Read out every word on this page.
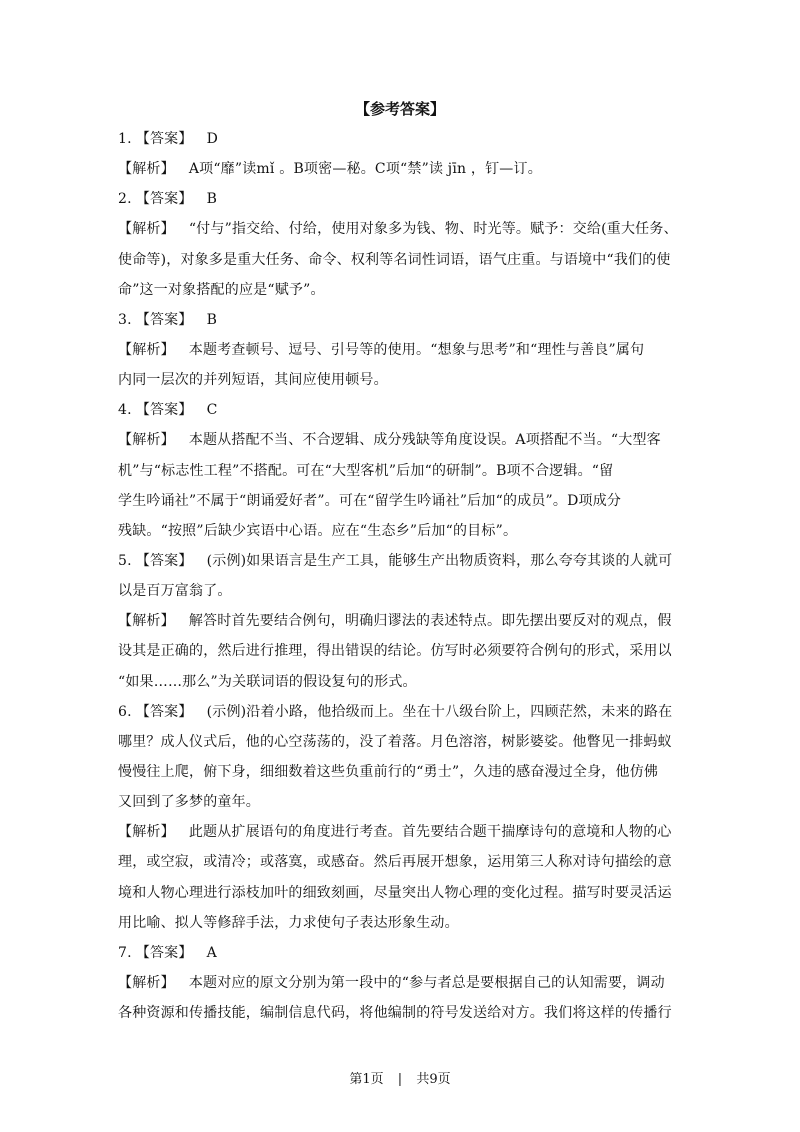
【参考答案】
1. 【答案】 D
【解析】 A项“靡”读mǐ 。B项密—秘。C项“禁”读 jīn ，钉—订。
2. 【答案】 B
【解析】 “付与”指交给、付给，使用对象多为钱、物、时光等。赋予：交给(重大任务、
使命等)，对象多是重大任务、命令、权利等名词性词语，语气庄重。与语境中“我们的使
命”这一对象搭配的应是“赋予”。
3. 【答案】 B
【解析】 本题考查顿号、逗号、引号等的使用。“想象与思考”和“理性与善良”属句
内同一层次的并列短语，其间应使用顿号。
4. 【答案】 C
【解析】 本题从搭配不当、不合逻辑、成分残缺等角度设误。A项搭配不当。“大型客
机”与“标志性工程”不搭配。可在“大型客机”后加“的研制”。B项不合逻辑。“留
学生吟诵社”不属于“朗诵爱好者”。可在“留学生吟诵社”后加“的成员”。D项成分
残缺。“按照”后缺少宾语中心语。应在“生态乡”后加“的目标”。
5. 【答案】 (示例)如果语言是生产工具，能够生产出物质资料，那么夸夸其谈的人就可
以是百万富翁了。
【解析】 解答时首先要结合例句，明确归谬法的表述特点。即先摆出要反对的观点，假
设其是正确的，然后进行推理，得出错误的结论。仿写时必须要符合例句的形式，采用以
“如果……那么”为关联词语的假设复句的形式。
6. 【答案】 (示例)沿着小路，他拾级而上。坐在十八级台阶上，四顾茫然，未来的路在
哪里？成人仪式后，他的心空荡荡的，没了着落。月色溶溶，树影婆娑。他瞥见一排蚂蚁
慢慢往上爬，俯下身，细细数着这些负重前行的“勇士”，久违的感奋漫过全身，他仿佛
又回到了多梦的童年。
【解析】 此题从扩展语句的角度进行考查。首先要结合题干揣摩诗句的意境和人物的心
理，或空寂，或清冷；或落寞，或感奋。然后再展开想象，运用第三人称对诗句描绘的意
境和人物心理进行添枝加叶的细致刻画，尽量突出人物心理的变化过程。描写时要灵活运
用比喻、拟人等修辞手法，力求使句子表达形象生动。
7. 【答案】 A
【解析】 本题对应的原文分别为第一段中的“参与者总是要根据自己的认知需要，调动
各种资源和传播技能，编制信息代码，将他编制的符号发送给对方。我们将这样的传播行
第1页 | 共9页
